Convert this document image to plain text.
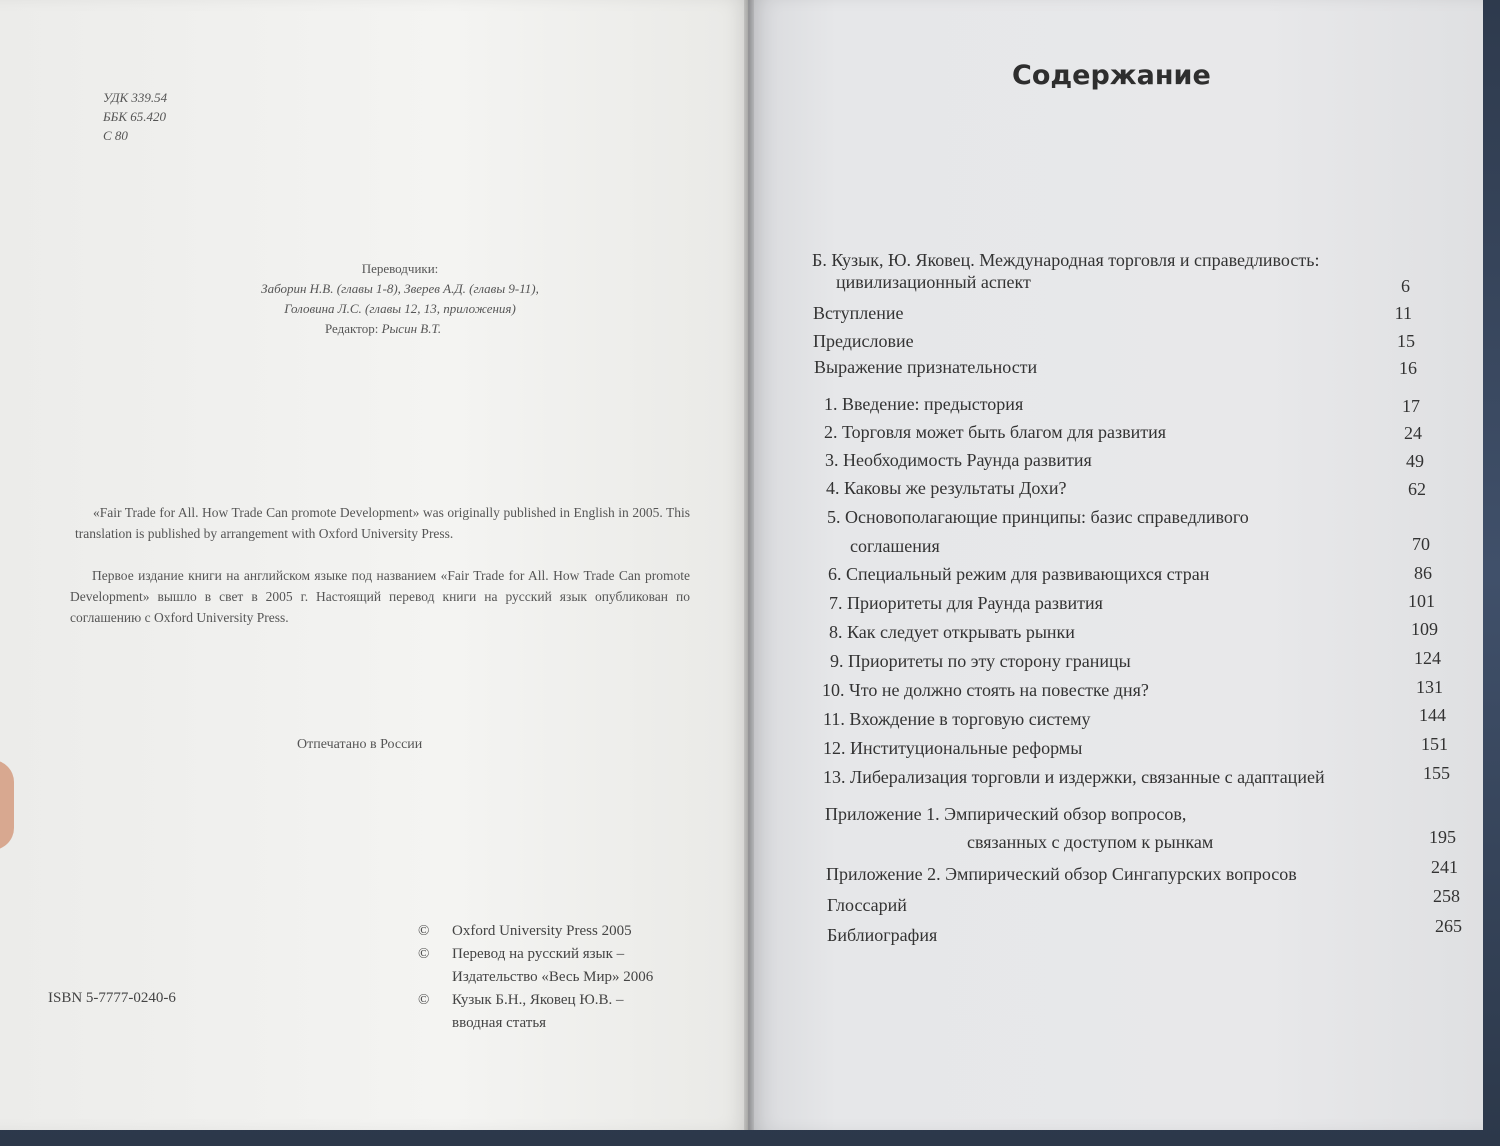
УДК 339.54
ББК 65.420
С 80
Переводчики:
Заборин Н.В. (главы 1-8), Зверев А.Д. (главы 9-11),
Головина Л.С. (главы 12, 13, приложения)
Редактор: Рысин В.Т.
«Fair Trade for All. How Trade Can promote Development» was originally published in English in 2005. This translation is published by arrangement with Oxford University Press.
Первое издание книги на английском языке под названием «Fair Trade for All. How Trade Can promote Development» вышло в свет в 2005 г. Настоящий перевод книги на русский язык опубликован по соглашению с Oxford University Press.
Отпечатано в России
ISBN 5-7777-0240-6
© Oxford University Press 2005
© Перевод на русский язык –
Издательство «Весь Мир» 2006
© Кузык Б.Н., Яковец Ю.В. –
вводная статья
Содержание
Б. Кузык, Ю. Яковец. Международная торговля и справедливость:
цивилизационный аспект	6
Вступление	11
Предисловие	15
Выражение признательности	16
1. Введение: предыстория	17
2. Торговля может быть благом для развития	24
3. Необходимость Раунда развития	49
4. Каковы же результаты Дохи?	62
5. Основополагающие принципы: базис справедливого
соглашения	70
6. Специальный режим для развивающихся стран	86
7. Приоритеты для Раунда развития	101
8. Как следует открывать рынки	109
9. Приоритеты по эту сторону границы	124
10. Что не должно стоять на повестке дня?	131
11. Вхождение в торговую систему	144
12. Институциональные реформы	151
13. Либерализация торговли и издержки, связанные с адаптацией	155
Приложение 1. Эмпирический обзор вопросов,
связанных с доступом к рынкам	195
Приложение 2. Эмпирический обзор Сингапурских вопросов	241
Глоссарий	258
Библиография	265
